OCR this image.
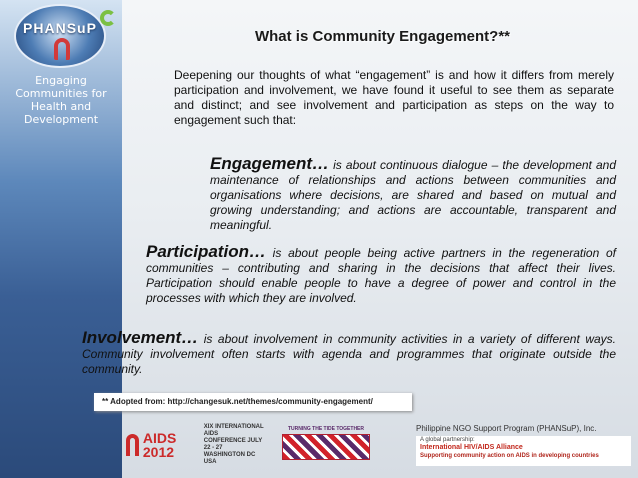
PHANSuP
Engaging Communities for Health and Development
What is Community Engagement?**
Deepening our thoughts of what “engagement” is and how it differs from merely participation and involvement, we have found it useful to see them as separate and distinct; and see involvement and participation as steps on the way to engagement such that:
Engagement… is about continuous dialogue – the development and maintenance of relationships and actions between communities and organisations where decisions, are shared and based on mutual and growing understanding; and actions are accountable, transparent and meaningful.
Participation… is about people being active partners in the regeneration of communities – contributing and sharing in the decisions that affect their lives. Participation should enable people to have a degree of power and control in the processes with which they are involved.
Involvement… is about involvement in community activities in a variety of different ways. Community involvement often starts with agenda and programmes that originate outside the community.
** Adopted from: http://changesuk.net/themes/community-engagement/
Philippine NGO Support Program (PHANSuP), Inc.
AIDS 2012
XIX INTERNATIONAL AIDS
CONFERENCE JULY 22 - 27
WASHINGTON DC USA
TURNING THE TIDE TOGETHER
A global partnership:
International HIV/AIDS Alliance
Supporting community action on AIDS in developing countries
